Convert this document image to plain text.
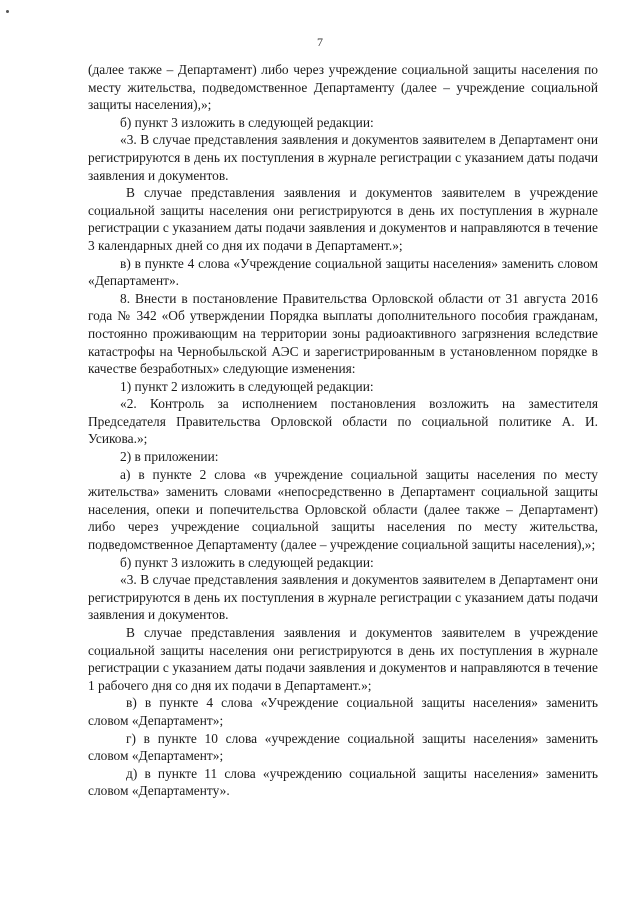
7

(далее также – Департамент) либо через учреждение социальной защиты населения по месту жительства, подведомственное Департаменту (далее – учреждение социальной защиты населения),»;

б) пункт 3 изложить в следующей редакции:

«3. В случае представления заявления и документов заявителем в Департамент они регистрируются в день их поступления в журнале регистрации с указанием даты подачи заявления и документов.

В случае представления заявления и документов заявителем в учреждение социальной защиты населения они регистрируются в день их поступления в журнале регистрации с указанием даты подачи заявления и документов и направляются в течение 3 календарных дней со дня их подачи в Департамент.»;

в) в пункте 4 слова «Учреждение социальной защиты населения» заменить словом «Департамент».

8. Внести в постановление Правительства Орловской области от 31 августа 2016 года № 342 «Об утверждении Порядка выплаты дополнительного пособия гражданам, постоянно проживающим на территории зоны радиоактивного загрязнения вследствие катастрофы на Чернобыльской АЭС и зарегистрированным в установленном порядке в качестве безработных» следующие изменения:

1) пункт 2 изложить в следующей редакции:

«2. Контроль за исполнением постановления возложить на заместителя Председателя Правительства Орловской области по социальной политике А. И. Усикова.»;

2) в приложении:

а) в пункте 2 слова «в учреждение социальной защиты населения по месту жительства» заменить словами «непосредственно в Департамент социальной защиты населения, опеки и попечительства Орловской области (далее также – Департамент) либо через учреждение социальной защиты населения по месту жительства, подведомственное Департаменту (далее – учреждение социальной защиты населения),»;

б) пункт 3 изложить в следующей редакции:

«3. В случае представления заявления и документов заявителем в Департамент они регистрируются в день их поступления в журнале регистрации с указанием даты подачи заявления и документов.

В случае представления заявления и документов заявителем в учреждение социальной защиты населения они регистрируются в день их поступления в журнале регистрации с указанием даты подачи заявления и документов и направляются в течение 1 рабочего дня со дня их подачи в Департамент.»;

в) в пункте 4 слова «Учреждение социальной защиты населения» заменить словом «Департамент»;

г) в пункте 10 слова «учреждение социальной защиты населения» заменить словом «Департамент»;

д) в пункте 11 слова «учреждению социальной защиты населения» заменить словом «Департаменту».
